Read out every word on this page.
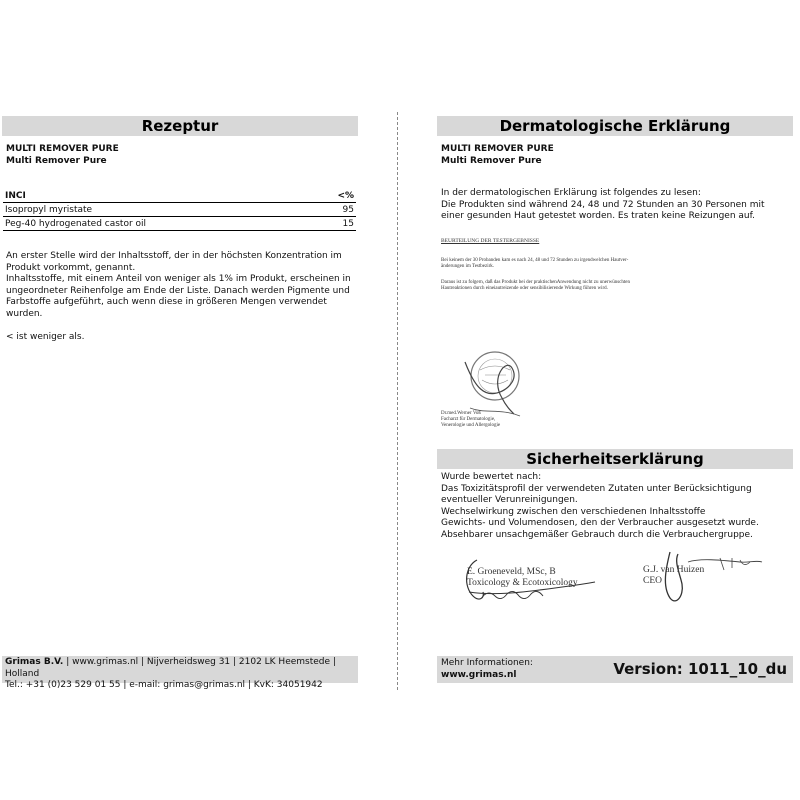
Rezeptur
MULTI REMOVER PURE
Multi Remover Pure
INCI	<%
Isopropyl myristate	95
Peg-40 hydrogenated castor oil	15
An erster Stelle wird der Inhaltsstoff, der in der höchsten Konzentration im
Produkt vorkommt, genannt.
Inhaltsstoffe, mit einem Anteil von weniger als 1% im Produkt, erscheinen in
ungeordneter Reihenfolge am Ende der Liste. Danach werden Pigmente und
Farbstoffe aufgeführt, auch wenn diese in größeren Mengen verwendet
wurden.
< ist weniger als.
Grimas B.V. | www.grimas.nl | Nijverheidsweg 31 | 2102 LK Heemstede | Holland
Tel.: +31 (0)23 529 01 55 | e-mail: grimas@grimas.nl | KvK: 34051942
Dermatologische Erklärung
MULTI REMOVER PURE
Multi Remover Pure
In der dermatologischen Erklärung ist folgendes zu lesen:
Die Produkten sind während 24, 48 und 72 Stunden an 30 Personen mit
einer gesunden Haut getestet worden. Es traten keine Reizungen auf.
BEURTEILUNG DER TESTERGEBNISSE
Bei keinem der 30 Probanden kam es nach 24, 48 und 72 Stunden zu irgendwelchen Hautver-
änderungen im Testbezirk.
Daraus ist zu folgern, daß das Produkt bei der praktischenAnwendung nicht zu unerwünschten
Hautreaktionen durch eineiautreizende oder sensibilisierende Wirkung führen wird.
Dr.med.Werner Voß
Facharzt für Dermatologie,
Venerologie und Allergologie
Sicherheitserklärung
Wurde bewertet nach:
Das Toxizitätsprofil der verwendeten Zutaten unter Berücksichtigung
eventueller Verunreinigungen.
Wechselwirkung zwischen den verschiedenen Inhaltsstoffe
Gewichts- und Volumendosen, den der Verbraucher ausgesetzt wurde.
Absehbarer unsachgemäßer Gebrauch durch die Verbrauchergruppe.
E. Groeneveld, MSc, B
Toxicology & Ecotoxicology
G.J. van Huizen
CEO
Mehr Informationen:
www.grimas.nl	Version: 1011_10_du
